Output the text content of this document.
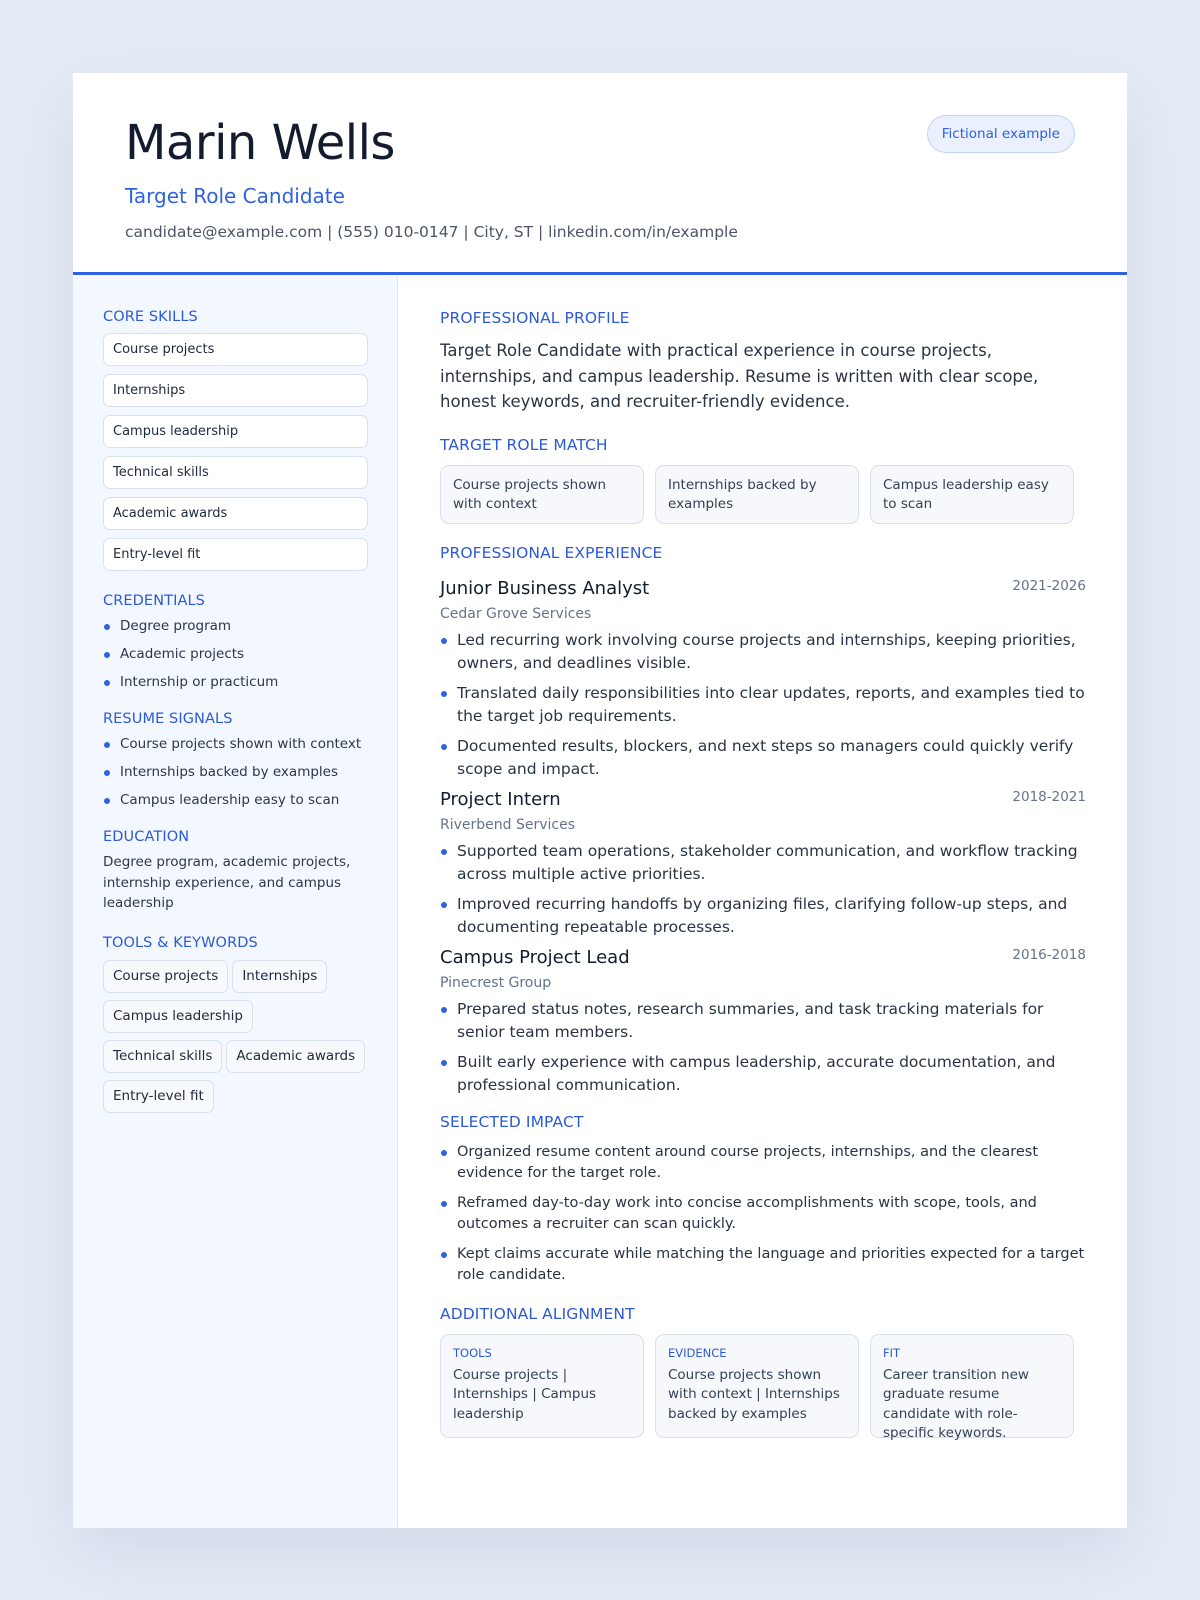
Marin Wells
Target Role Candidate
candidate@example.com | (555) 010-0147 | City, ST | linkedin.com/in/example
Fictional example
CORE SKILLS
Course projects
Internships
Campus leadership
Technical skills
Academic awards
Entry-level fit
CREDENTIALS
Degree program
Academic projects
Internship or practicum
RESUME SIGNALS
Course projects shown with context
Internships backed by examples
Campus leadership easy to scan
EDUCATION

Degree program, academic projects, internship experience, and campus leadership

TOOLS & KEYWORDS
Course projects InternshipsCampus leadershipTechnical skills Academic awardsEntry-level fit
PROFESSIONAL PROFILE

Target Role Candidate with practical experience in course projects, internships, and campus leadership. Resume is written with clear scope, honest keywords, and recruiter-friendly evidence.

TARGET ROLE MATCH
Course projects shown with context
Internships backed by examples
Campus leadership easy to scan
PROFESSIONAL EXPERIENCE
Junior Business Analyst	2021-2026
Cedar Grove Services
Led recurring work involving course projects and internships, keeping priorities, owners, and deadlines visible.
Translated daily responsibilities into clear updates, reports, and examples tied to the target job requirements.
Documented results, blockers, and next steps so managers could quickly verify scope and impact.
Project Intern	2018-2021
Riverbend Services
Supported team operations, stakeholder communication, and workflow tracking across multiple active priorities.
Improved recurring handoffs by organizing files, clarifying follow-up steps, and documenting repeatable processes.
Campus Project Lead	2016-2018
Pinecrest Group
Prepared status notes, research summaries, and task tracking materials for senior team members.
Built early experience with campus leadership, accurate documentation, and professional communication.
SELECTED IMPACT
Organized resume content around course projects, internships, and the clearest evidence for the target role.
Reframed day-to-day work into concise accomplishments with scope, tools, and outcomes a recruiter can scan quickly.
Kept claims accurate while matching the language and priorities expected for a target role candidate.
ADDITIONAL ALIGNMENT
TOOLS
Course projects | Internships | Campus leadership
EVIDENCE
Course projects shown with context | Internships backed by examples
FIT
Career transition new graduate resume candidate with role-specific keywords.
